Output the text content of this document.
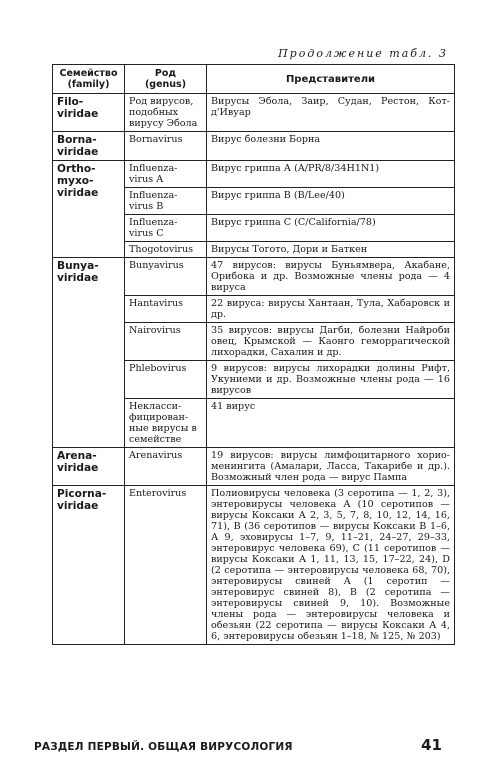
Продолжение табл. 3
Семейство
(family)	Род
(genus)	Представители

Filo-
viridae	Род вирусов,
подобных
вирусу Эбола	Вирусы Эбола, Заир, Судан, Рестон, Кот-д'Ивуар

Borna-
viridae	Bornavirus	Вирус болезни Борна

Ortho-
myxo-
viridae	Influenza-
virus A	Вирус гриппа А (A/PR/8/34H1N1)

	Influenza-
virus B	Вирус гриппа B (B/Lee/40)

	Influenza-
virus C	Вирус гриппа C (C/California/78)

	Thogotovirus	Вирусы Тогото, Дори и Баткен

Bunya-
viridae	Bunyavirus	47 вирусов: вирусы Буньямвера, Акабане, Орибока и др. Возможные члены рода — 4 вируса

	Hantavirus	22 вируса: вирусы Хантаан, Тула, Хабаровск и др.

	Nairovirus	35 вирусов: вирусы Дагби, болезни Найроби овец, Крымской — Кaонго геморрагической лихорадки, Сахалин и др.

	Phlebovirus	9 вирусов: вирусы лихорадки долины Рифт, Укуниеми и др. Возможные члены рода — 16 вирусов

	Некласси-
фицирован-
ные вирусы в
семействе	41 вирус

Arena-
viridae	Arenavirus	19 вирусов: вирусы лимфоцитарного хорио-менингита (Амалари, Ласса, Такарибе и др.). Возможный член рода — вирус Пампа

Picorna-
viridae	Enterovirus	Полиовирусы человека (3 серотипа — 1, 2, 3), энтеровирусы человека A (10 серотипов — вирусы Коксаки А 2, 3, 5, 7, 8, 10, 12, 14, 16, 71), В (36 серотипов — вирусы Коксаки В 1–6, А 9, эховирусы 1–7, 9, 11–21, 24–27, 29–33, энтеровирус человека 69), С (11 серотипов — вирусы Коксаки А 1, 11, 13, 15, 17–22, 24), D (2 серотипа — энтеровирусы человека 68, 70), энтеровирусы свиней А (1 серотип — энтеровирус свиней 8), В (2 серотипа — энтеровирусы свиней 9, 10). Возможные члены рода — энтеровирусы человека и обезьян (22 серотипа — вирусы Коксаки А 4, 6, энтеровирусы обезьян 1–18, № 125, № 203)
РАЗДЕЛ ПЕРВЫЙ. ОБЩАЯ ВИРУСОЛОГИЯ	41
